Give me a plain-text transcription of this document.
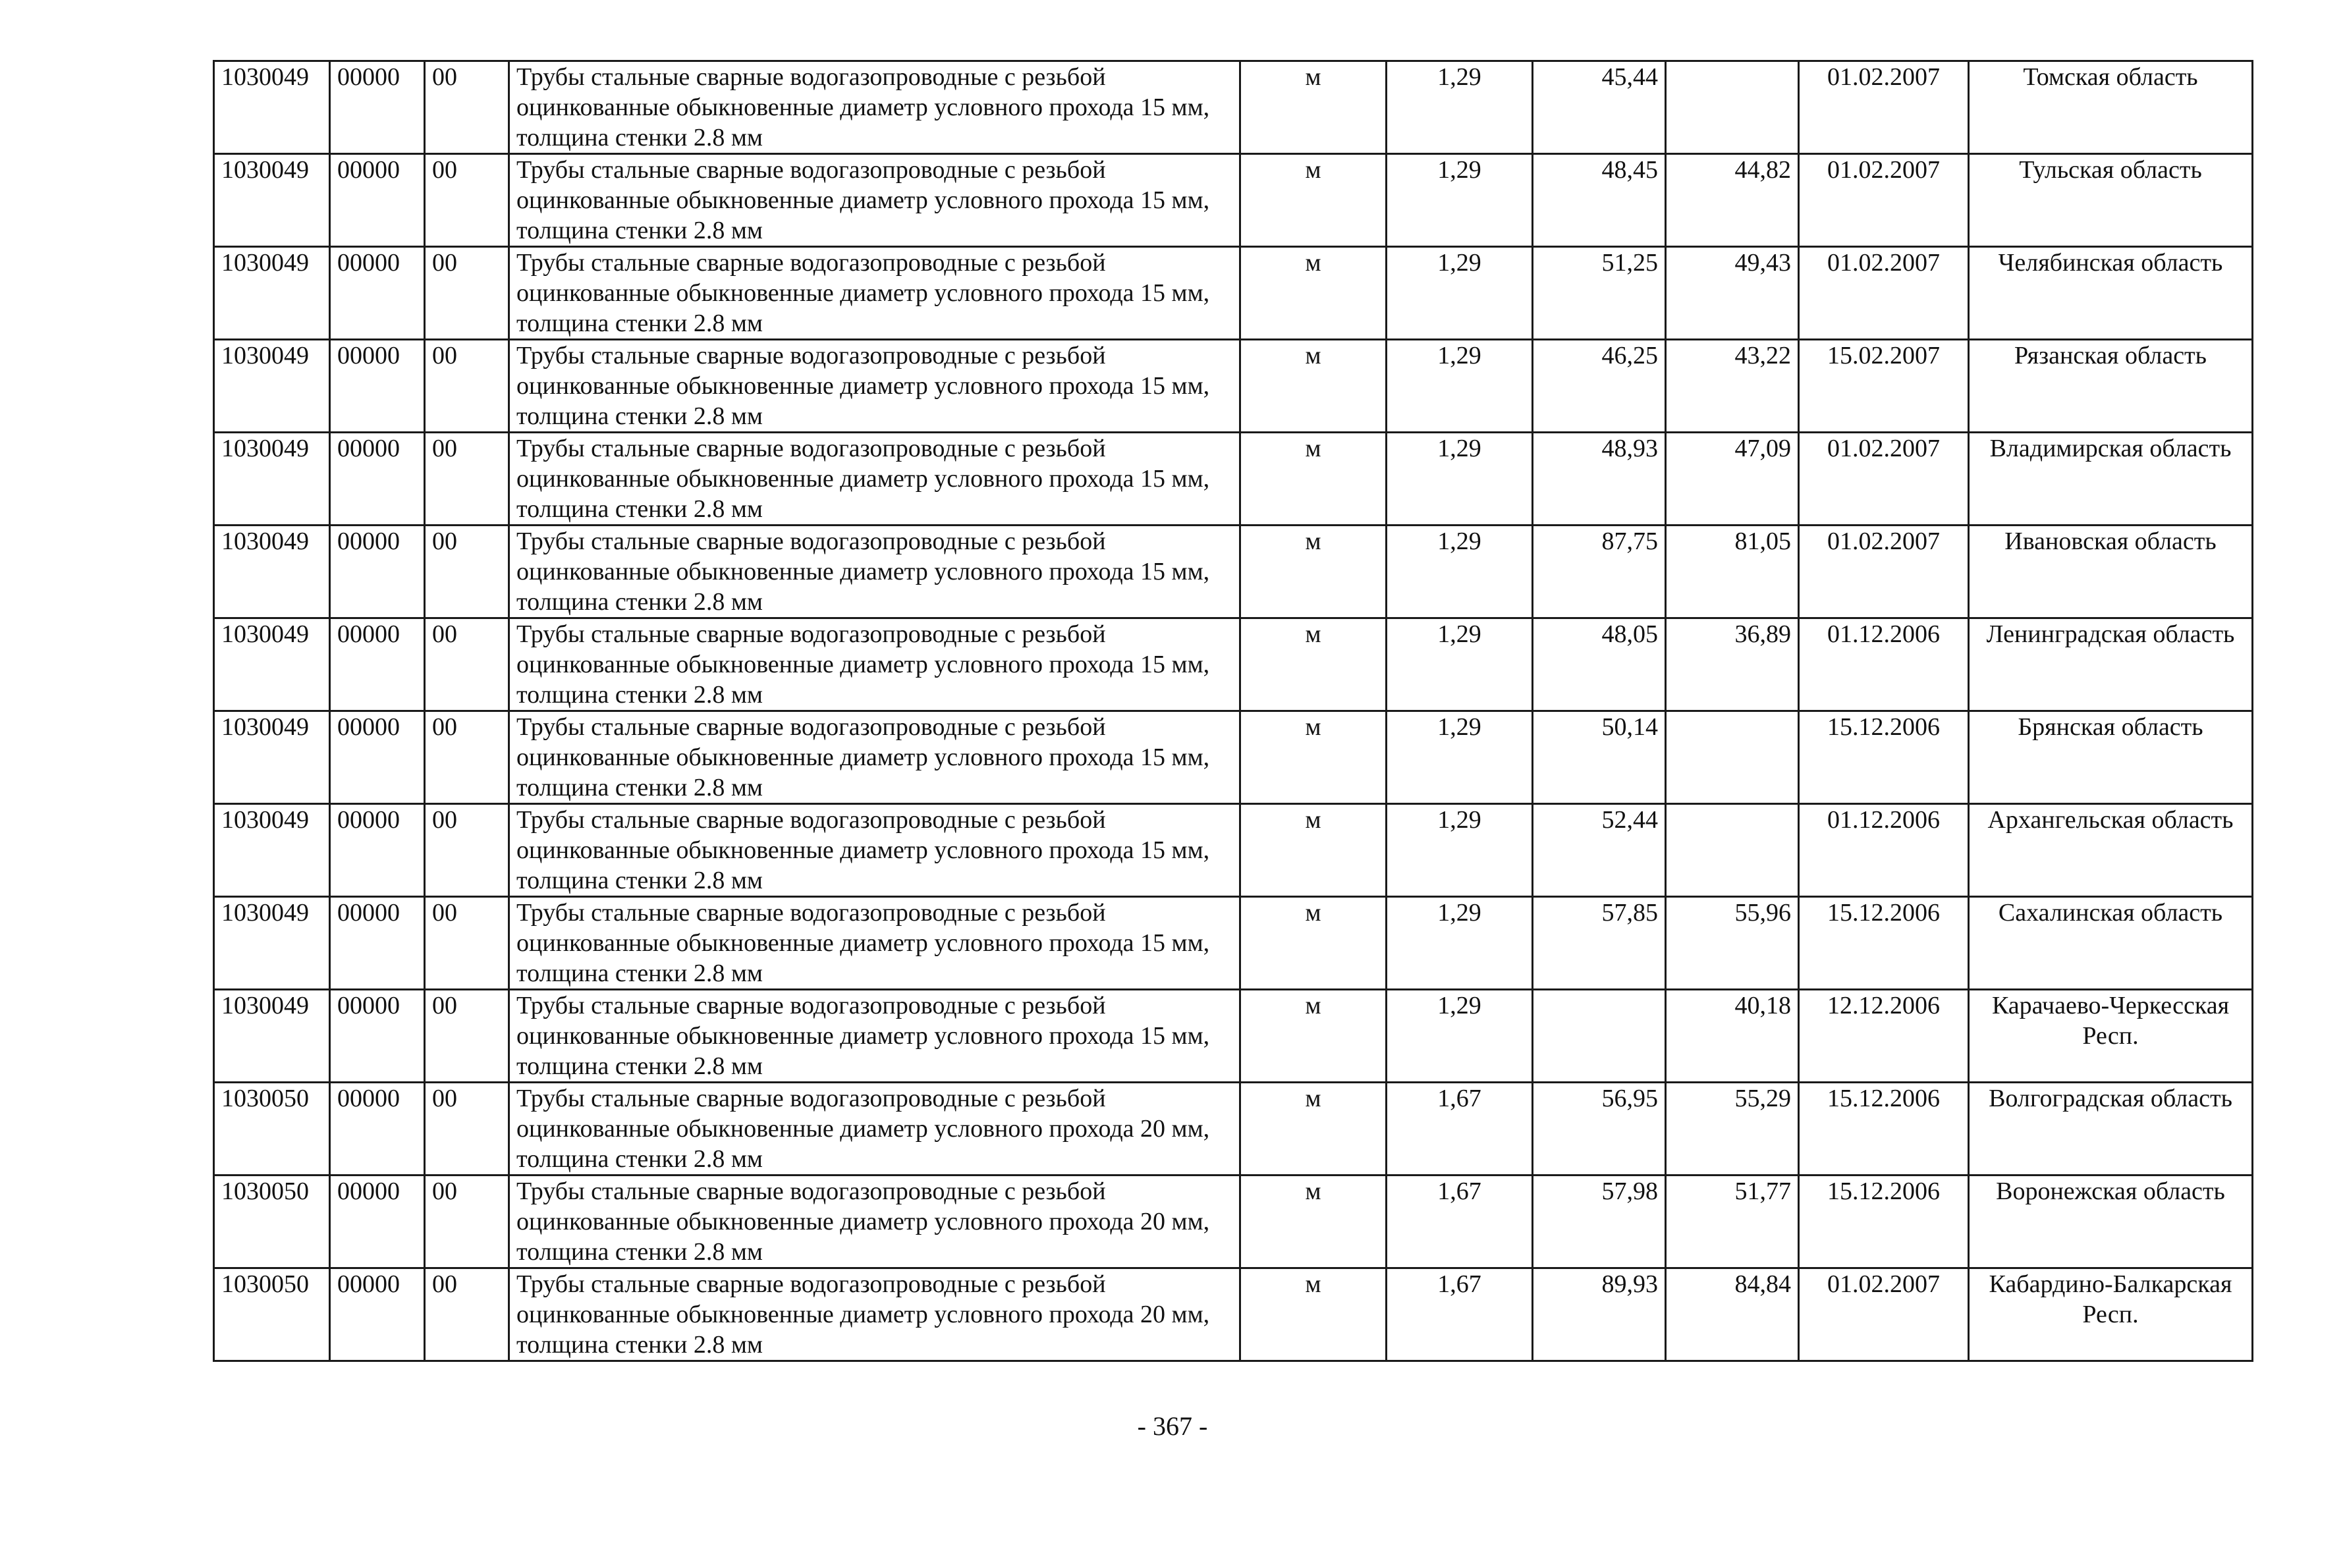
1030049	00000	00	Трубы стальные сварные водогазопроводные с резьбой оцинкованные обыкновенные диаметр условного прохода 15 мм, толщина стенки 2.8 мм	м	1,29	45,44		01.02.2007	Томская область
1030049	00000	00	Трубы стальные сварные водогазопроводные с резьбой оцинкованные обыкновенные диаметр условного прохода 15 мм, толщина стенки 2.8 мм	м	1,29	48,45	44,82	01.02.2007	Тульская область
1030049	00000	00	Трубы стальные сварные водогазопроводные с резьбой оцинкованные обыкновенные диаметр условного прохода 15 мм, толщина стенки 2.8 мм	м	1,29	51,25	49,43	01.02.2007	Челябинская область
1030049	00000	00	Трубы стальные сварные водогазопроводные с резьбой оцинкованные обыкновенные диаметр условного прохода 15 мм, толщина стенки 2.8 мм	м	1,29	46,25	43,22	15.02.2007	Рязанская область
1030049	00000	00	Трубы стальные сварные водогазопроводные с резьбой оцинкованные обыкновенные диаметр условного прохода 15 мм, толщина стенки 2.8 мм	м	1,29	48,93	47,09	01.02.2007	Владимирская область
1030049	00000	00	Трубы стальные сварные водогазопроводные с резьбой оцинкованные обыкновенные диаметр условного прохода 15 мм, толщина стенки 2.8 мм	м	1,29	87,75	81,05	01.02.2007	Ивановская область
1030049	00000	00	Трубы стальные сварные водогазопроводные с резьбой оцинкованные обыкновенные диаметр условного прохода 15 мм, толщина стенки 2.8 мм	м	1,29	48,05	36,89	01.12.2006	Ленинградская область
1030049	00000	00	Трубы стальные сварные водогазопроводные с резьбой оцинкованные обыкновенные диаметр условного прохода 15 мм, толщина стенки 2.8 мм	м	1,29	50,14		15.12.2006	Брянская область
1030049	00000	00	Трубы стальные сварные водогазопроводные с резьбой оцинкованные обыкновенные диаметр условного прохода 15 мм, толщина стенки 2.8 мм	м	1,29	52,44		01.12.2006	Архангельская область
1030049	00000	00	Трубы стальные сварные водогазопроводные с резьбой оцинкованные обыкновенные диаметр условного прохода 15 мм, толщина стенки 2.8 мм	м	1,29	57,85	55,96	15.12.2006	Сахалинская область
1030049	00000	00	Трубы стальные сварные водогазопроводные с резьбой оцинкованные обыкновенные диаметр условного прохода 15 мм, толщина стенки 2.8 мм	м	1,29		40,18	12.12.2006	Карачаево-Черкесская Респ.
1030050	00000	00	Трубы стальные сварные водогазопроводные с резьбой оцинкованные обыкновенные диаметр условного прохода 20 мм, толщина стенки 2.8 мм	м	1,67	56,95	55,29	15.12.2006	Волгоградская область
1030050	00000	00	Трубы стальные сварные водогазопроводные с резьбой оцинкованные обыкновенные диаметр условного прохода 20 мм, толщина стенки 2.8 мм	м	1,67	57,98	51,77	15.12.2006	Воронежская область
1030050	00000	00	Трубы стальные сварные водогазопроводные с резьбой оцинкованные обыкновенные диаметр условного прохода 20 мм, толщина стенки 2.8 мм	м	1,67	89,93	84,84	01.02.2007	Кабардино-Балкарская Респ.
- 367 -
